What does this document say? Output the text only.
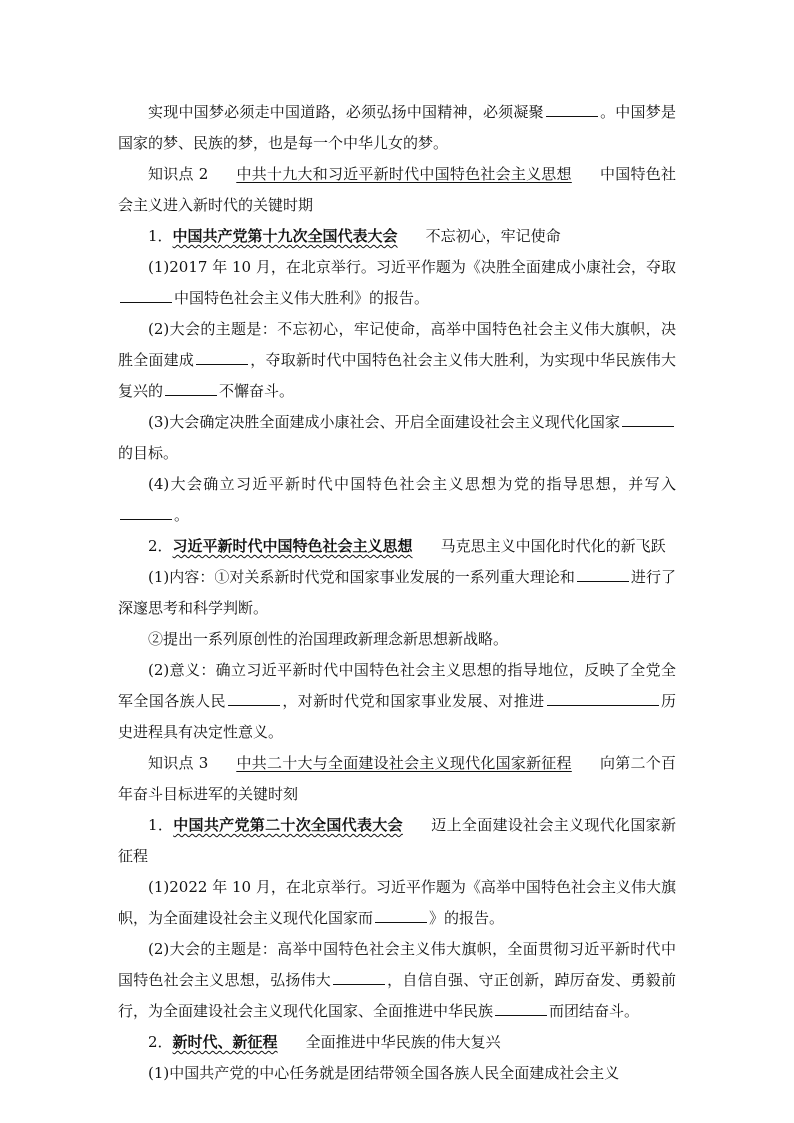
实现中国梦必须走中国道路，必须弘扬中国精神，必须凝聚	。中国梦是国家的梦、民族的梦，也是每一个中华儿女的梦。

知识点 2 中共十九大和习近平新时代中国特色社会主义思想 中国特色社会主义进入新时代的关键时期

1．中国共产党第十九次全国代表大会 不忘初心，牢记使命

(1)2017 年 10 月，在北京举行。习近平作题为《决胜全面建成小康社会，夺取中国特色社会主义伟大胜利》的报告。

(2)大会的主题是：不忘初心，牢记使命，高举中国特色社会主义伟大旗帜，决胜全面建成	，夺取新时代中国特色社会主义伟大胜利，为实现中华民族伟大复兴的	不懈奋斗。

(3)大会确定决胜全面建成小康社会、开启全面建设社会主义现代化国家的目标。

(4)大会确立习近平新时代中国特色社会主义思想为党的指导思想，并写入。

2．习近平新时代中国特色社会主义思想 马克思主义中国化时代化的新飞跃

(1)内容：①对关系新时代党和国家事业发展的一系列重大理论和	进行了深邃思考和科学判断。

②提出一系列原创性的治国理政新理念新思想新战略。

(2)意义：确立习近平新时代中国特色社会主义思想的指导地位，反映了全党全军全国各族人民	，对新时代党和国家事业发展、对推进	历史进程具有决定性意义。

知识点 3 中共二十大与全面建设社会主义现代化国家新征程 向第二个百年奋斗目标进军的关键时刻

1．中国共产党第二十次全国代表大会 迈上全面建设社会主义现代化国家新征程

(1)2022 年 10 月，在北京举行。习近平作题为《高举中国特色社会主义伟大旗帜，为全面建设社会主义现代化国家而	》的报告。

(2)大会的主题是：高举中国特色社会主义伟大旗帜，全面贯彻习近平新时代中国特色社会主义思想，弘扬伟大	，自信自强、守正创新，踔厉奋发、勇毅前行，为全面建设社会主义现代化国家、全面推进中华民族	而团结奋斗。

2．新时代、新征程 全面推进中华民族的伟大复兴

(1)中国共产党的中心任务就是团结带领全国各族人民全面建成社会主义
